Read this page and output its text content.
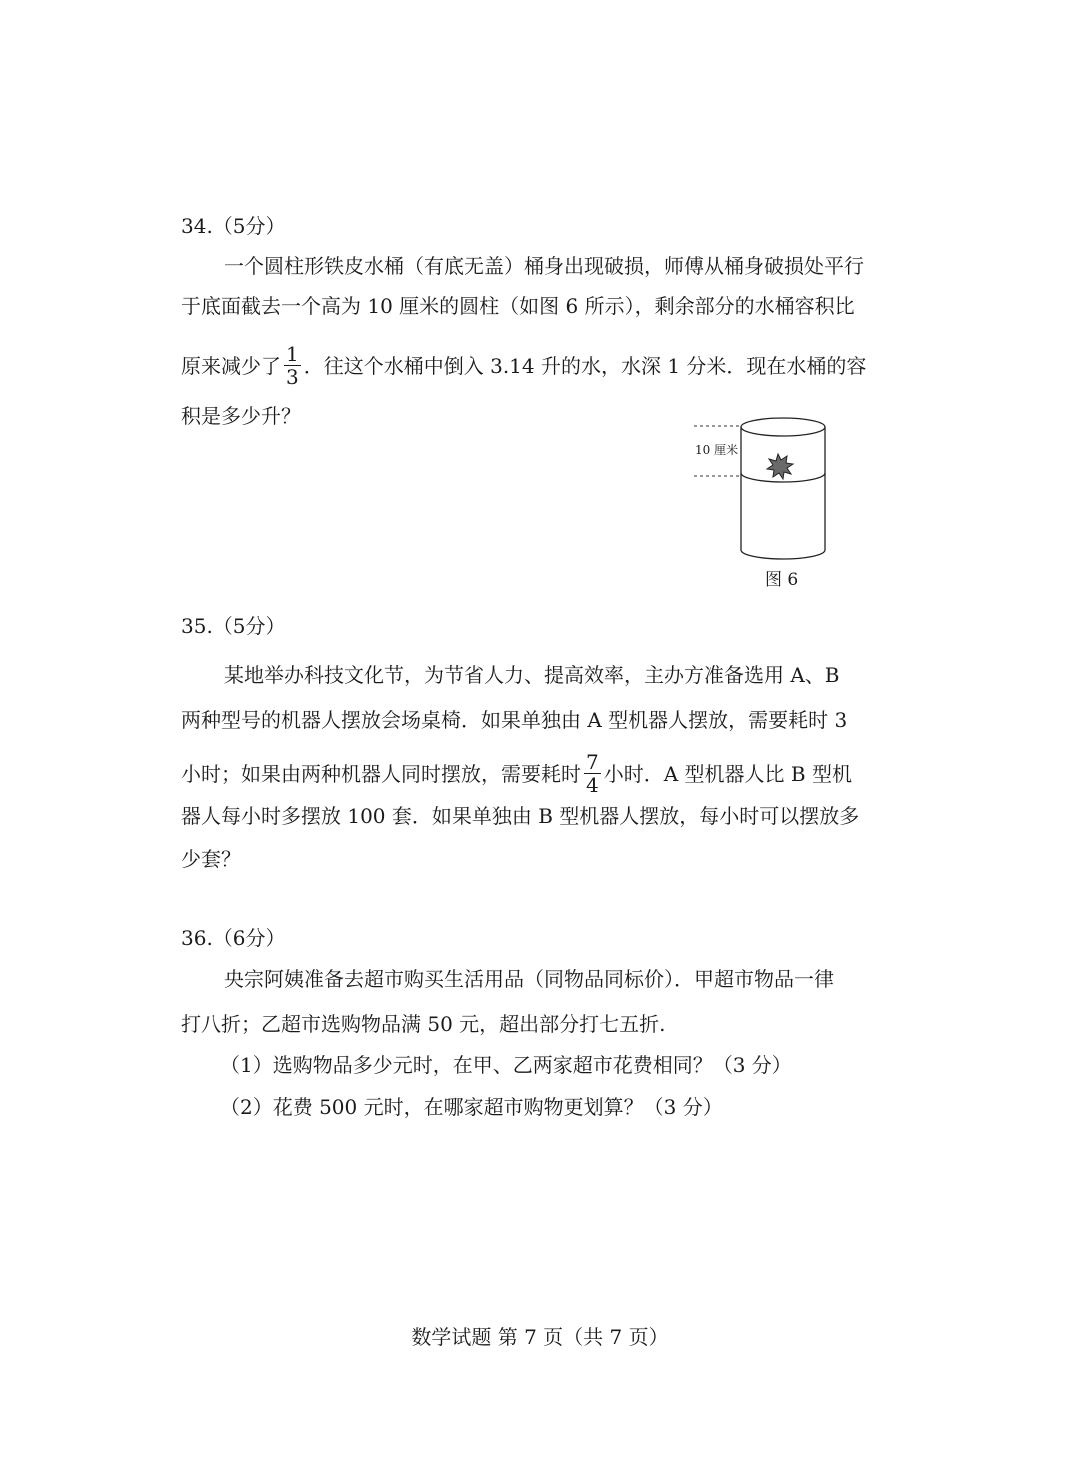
34.（5分）
一个圆柱形铁皮水桶（有底无盖）桶身出现破损，师傅从桶身破损处平行
于底面截去一个高为 10 厘米的圆柱（如图 6 所示），剩余部分的水桶容积比
原来减少了 $\frac{1}{3}$ ．往这个水桶中倒入 3.14 升的水，水深 1 分米．现在水桶的容
积是多少升？
10 厘米
图 6
35.（5分）
某地举办科技文化节，为节省人力、提高效率，主办方准备选用 A、B
两种型号的机器人摆放会场桌椅．如果单独由 A 型机器人摆放，需要耗时 3
小时；如果由两种机器人同时摆放，需要耗时 $\frac{7}{4}$ 小时．A 型机器人比 B 型机
器人每小时多摆放 100 套．如果单独由 B 型机器人摆放，每小时可以摆放多
少套？
36.（6分）
央宗阿姨准备去超市购买生活用品（同物品同标价）．甲超市物品一律
打八折；乙超市选购物品满 50 元，超出部分打七五折.
（1）选购物品多少元时，在甲、乙两家超市花费相同？（3 分）
（2）花费 500 元时，在哪家超市购物更划算？（3 分）
数学试题 第 7 页（共 7 页）
